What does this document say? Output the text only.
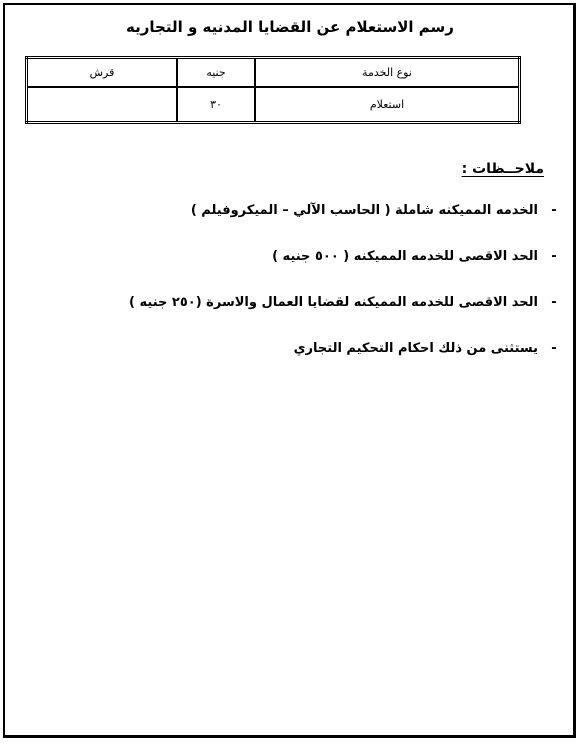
رسم الاستعلام عن القضايا المدنيه و التجاريه
نوع الخدمة	جنيه	قرش
استعلام	٣٠	
ملاحــظات :
-الخدمه المميكنه شاملة ( الحاسب الآلي – الميكروفيلم )
-الحد الاقصى للخدمه المميكنه ( ٥٠٠ جنيه )
-الحد الاقصى للخدمه المميكنه لقضايا العمال والاسرة (٢٥٠ جنيه )
-يستثنى من ذلك احكام التحكيم التجاري
